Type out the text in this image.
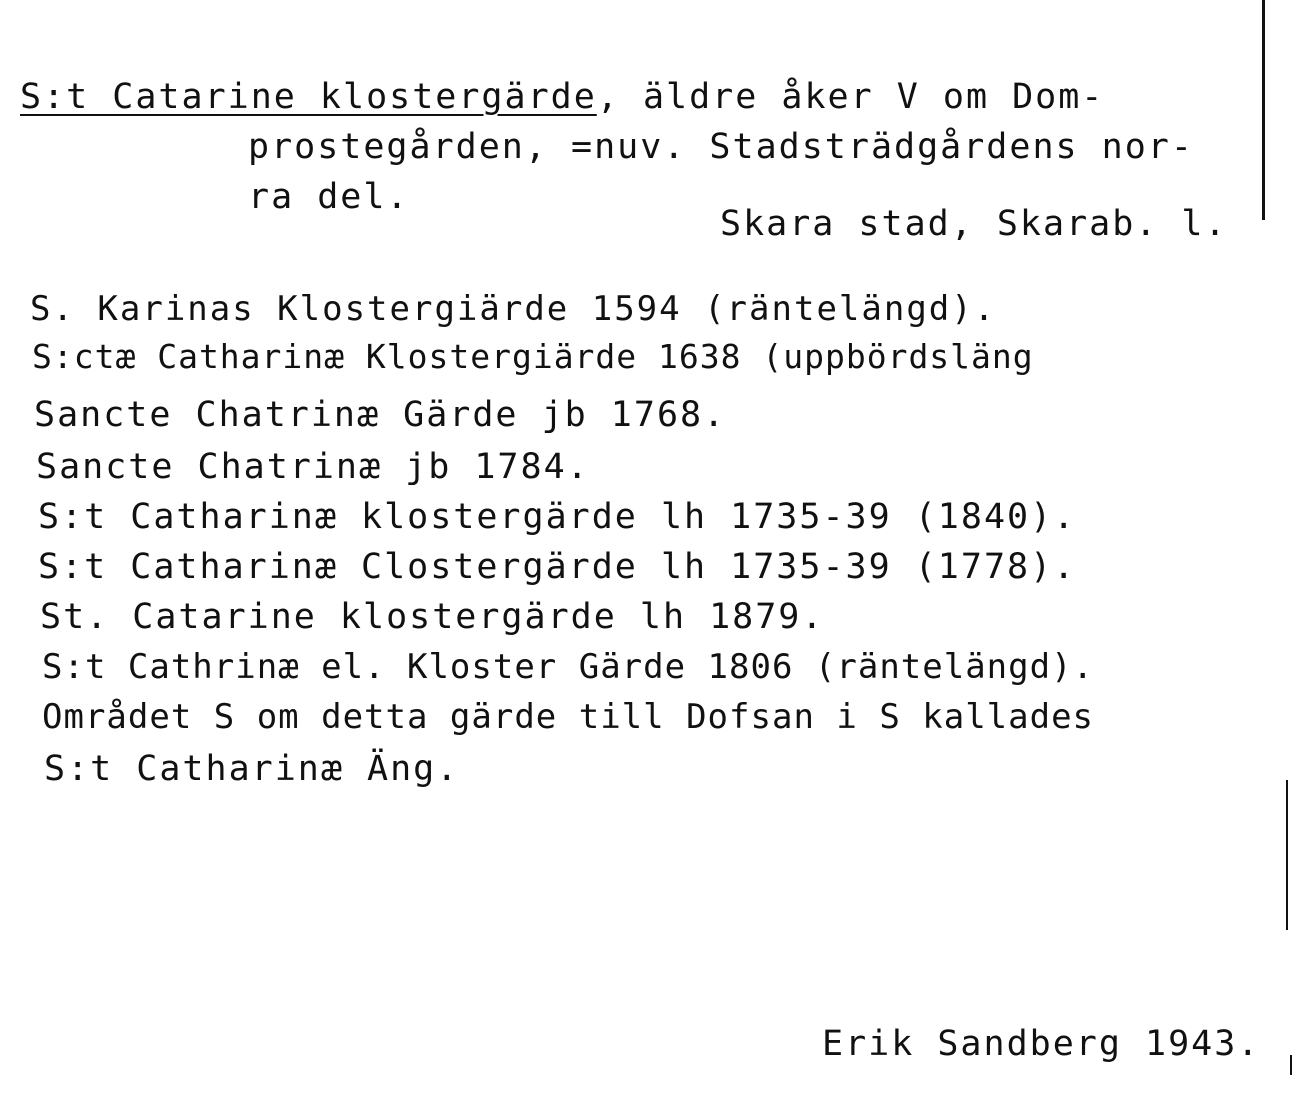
S:t Catarine klostergärde, äldre åker V om Dom-
prostegården, =nuv. Stadsträdgårdens nor-
ra del.
Skara stad, Skarab. l.
S. Karinas Klostergiärde 1594 (räntelängd).
S:ctæ Catharinæ Klostergiärde 1638 (uppbördsläng
Sancte Chatrinæ Gärde jb 1768.
Sancte Chatrinæ jb 1784.
S:t Catharinæ klostergärde lh 1735-39 (1840).
S:t Catharinæ Clostergärde lh 1735-39 (1778).
St. Catarine klostergärde lh 1879.
S:t Cathrinæ el. Kloster Gärde 1806 (räntelängd).
Området S om detta gärde till Dofsan i S kallades
S:t Catharinæ Äng.
Erik Sandberg 1943.
